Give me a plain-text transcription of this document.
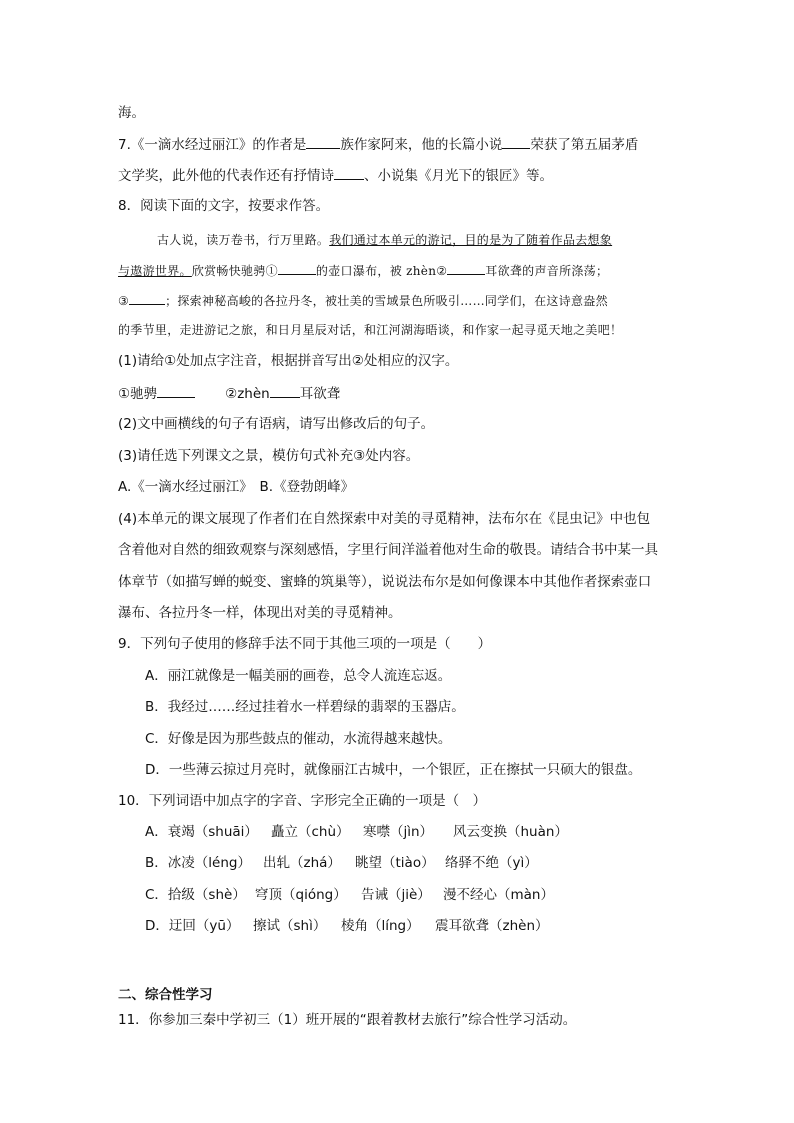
海。
7.《一滴水经过丽江》的作者是	族作家阿来，他的长篇小说 荣获了第五届茅盾
文学奖，此外他的代表作还有抒情诗 、小说集《月光下的银匠》等。
8．阅读下面的文字，按要求作答。
古人说，读万卷书，行万里路。我们通过本单元的游记，目的是为了随着作品去想象
与遨游世界。欣赏畅快驰骋①	的壶口瀑布，被 zhèn②	耳欲聋的声音所涤荡；
③	；探索神秘高峻的各拉丹冬，被壮美的雪域景色所吸引……同学们，在这诗意盎然
的季节里，走进游记之旅，和日月星辰对话，和江河湖海晤谈，和作家一起寻觅天地之美吧！
(1)请给①处加点字注音，根据拼音写出②处相应的汉字。
①驰骋	②zhèn 耳欲聋
(2)文中画横线的句子有语病，请写出修改后的句子。
(3)请任选下列课文之景，模仿句式补充③处内容。
A.《一滴水经过丽江》　B.《登勃朗峰》
(4)本单元的课文展现了作者们在自然探索中对美的寻觅精神，法布尔在《昆虫记》中也包
含着他对自然的细致观察与深刻感悟，字里行间洋溢着他对生命的敬畏。请结合书中某一具
体章节（如描写蝉的蜕变、蜜蜂的筑巢等），说说法布尔是如何像课本中其他作者探索壶口
瀑布、各拉丹冬一样，体现出对美的寻觅精神。
9．下列句子使用的修辞手法不同于其他三项的一项是（　　）
A．丽江就像是一幅美丽的画卷，总令人流连忘返。
B．我经过……经过挂着水一样碧绿的翡翠的玉器店。
C．好像是因为那些鼓点的催动，水流得越来越快。
D．一些薄云掠过月亮时，就像丽江古城中，一个银匠，正在擦拭一只硕大的银盘。
10．下列词语中加点字的字音、字形完全正确的一项是（　）
A．衰竭（shuāi） 矗立（chù） 寒噤（jìn） 风云变换（huàn）
B．冰凌（léng） 出轧（zhá） 眺望（tiào） 络驿不绝（yì）
C．拾级（shè） 穹顶（qióng） 告诫（jiè） 漫不经心（màn）
D．迂回（yū） 擦试（shì） 棱角（líng） 震耳欲聋（zhèn）
二、综合性学习
11．你参加三秦中学初三（1）班开展的“跟着教材去旅行”综合性学习活动。
